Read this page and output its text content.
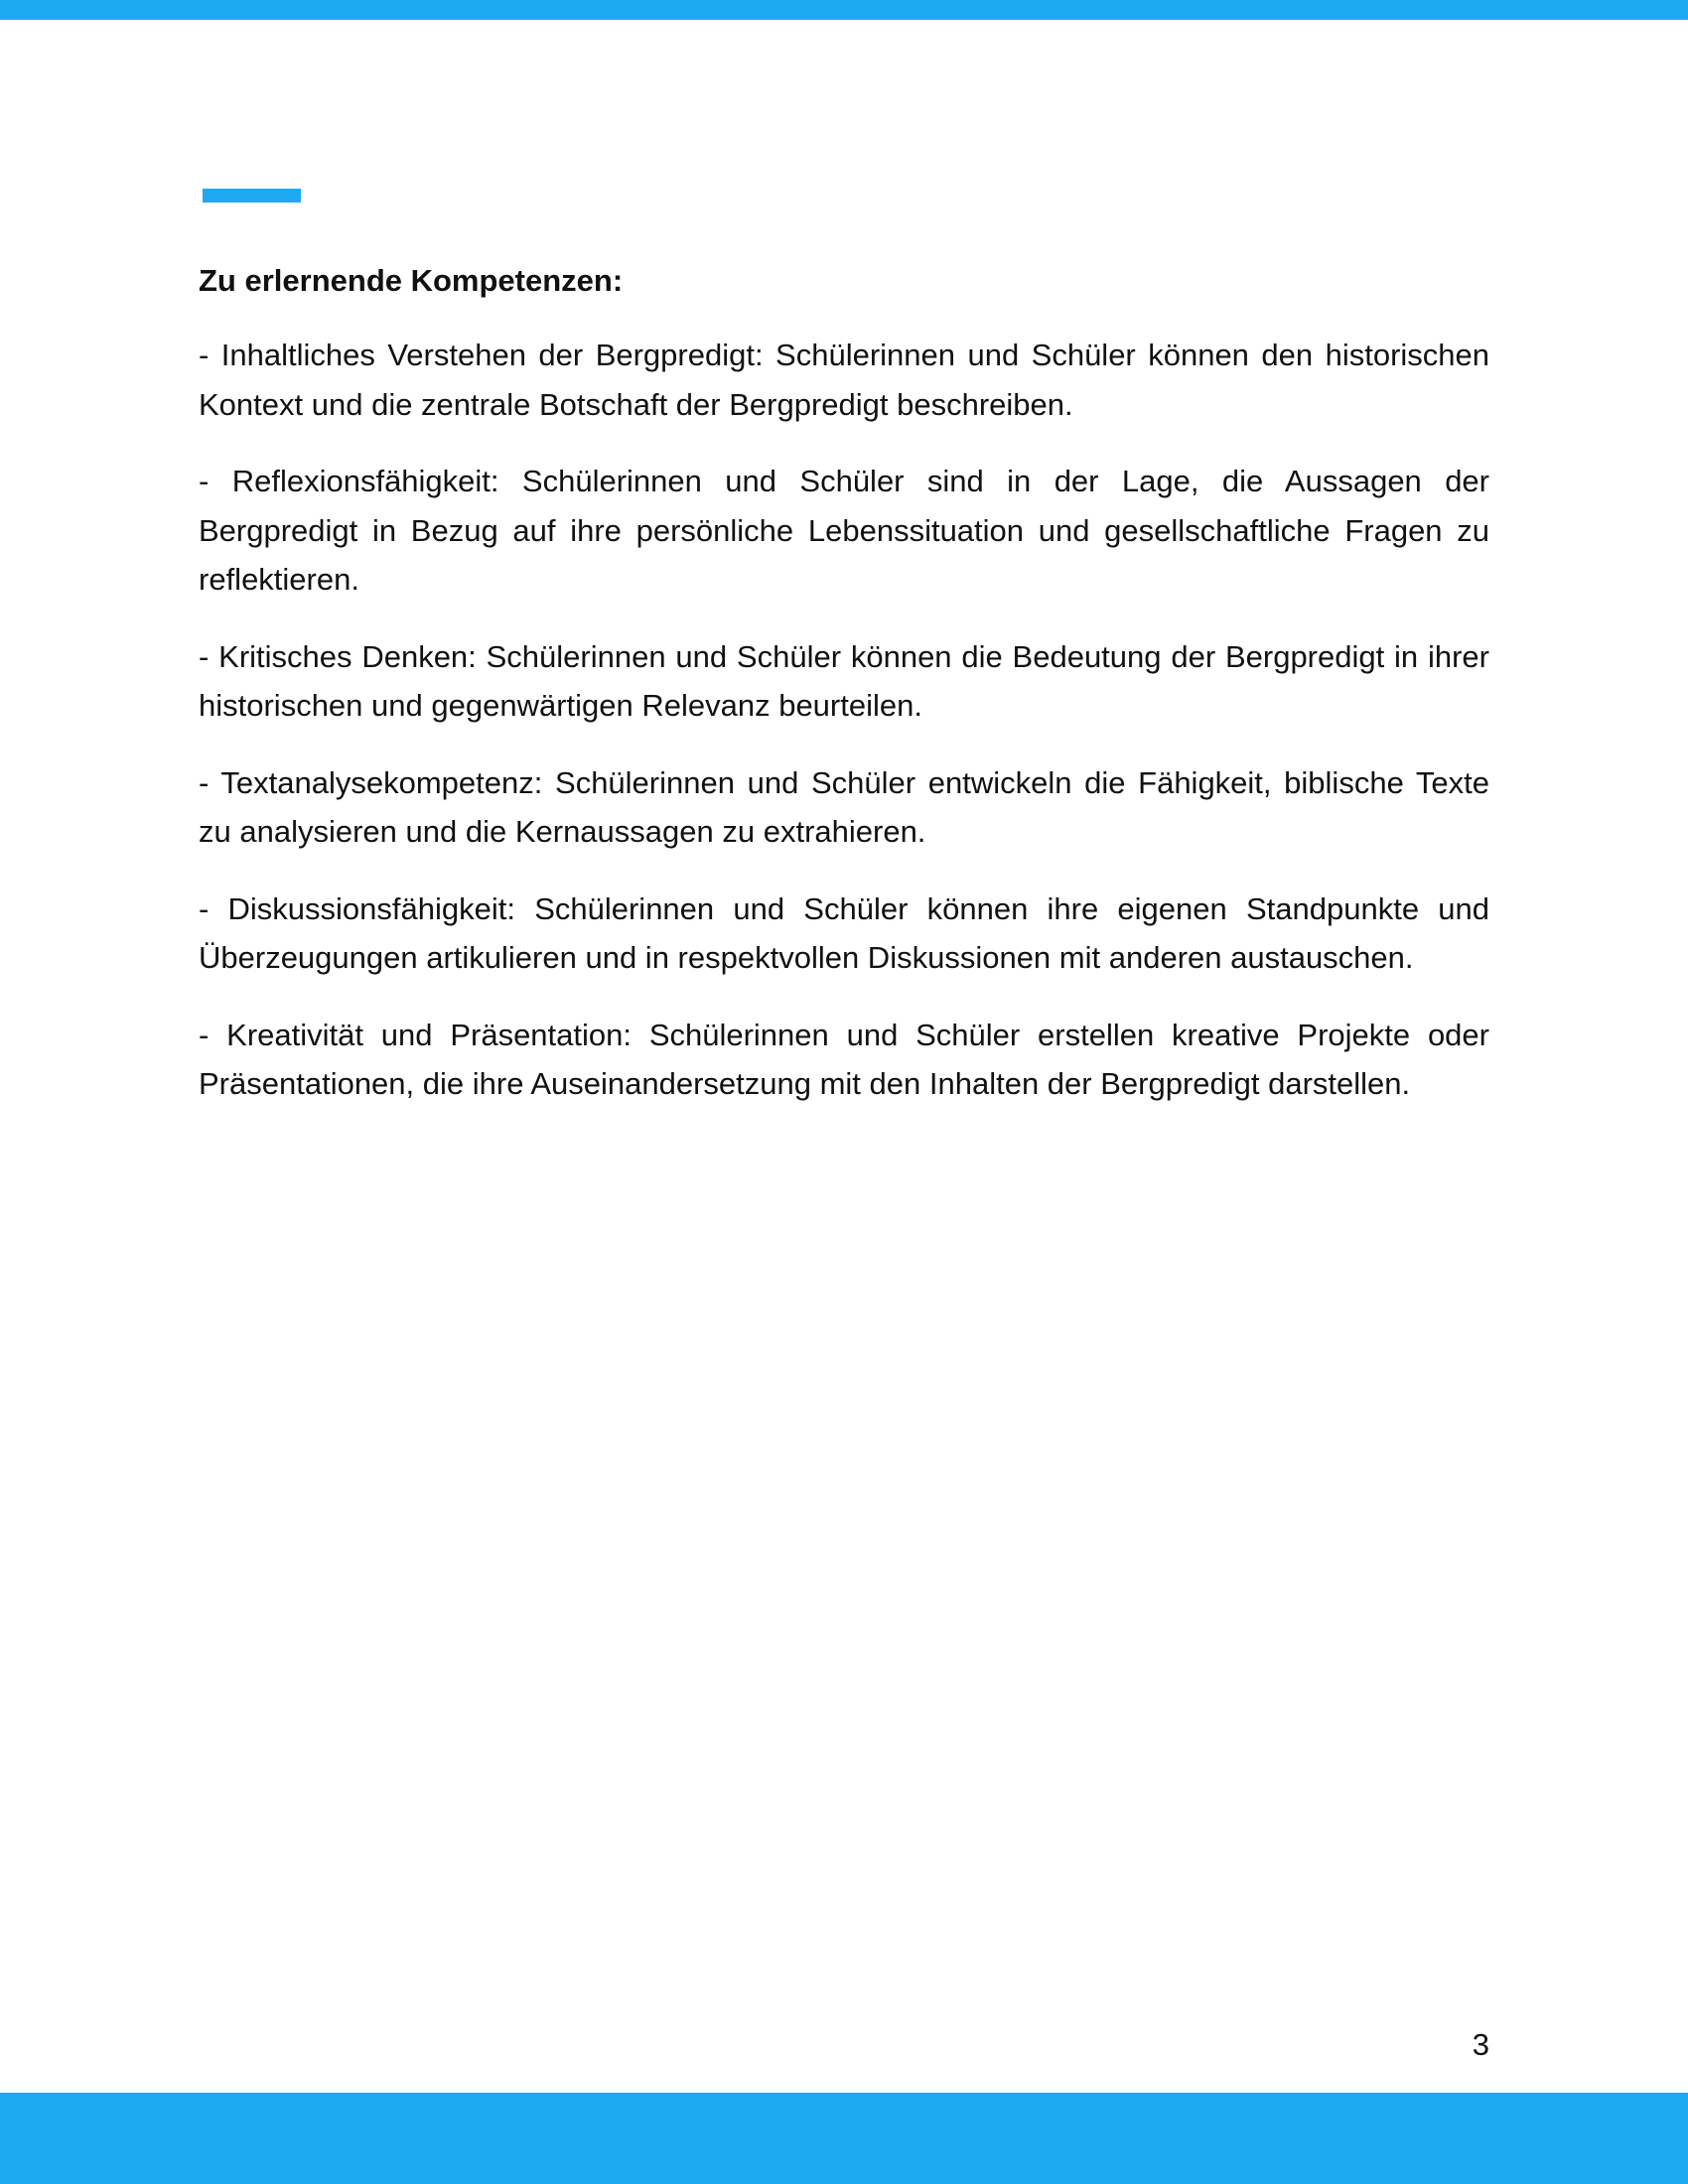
Zu erlernende Kompetenzen:

- Inhaltliches Verstehen der Bergpredigt: Schülerinnen und Schüler können den historischen Kontext und die zentrale Botschaft der Bergpredigt beschreiben.

- Reflexionsfähigkeit: Schülerinnen und Schüler sind in der Lage, die Aussagen der Bergpredigt in Bezug auf ihre persönliche Lebenssituation und gesellschaftliche Fragen zu reflektieren.

- Kritisches Denken: Schülerinnen und Schüler können die Bedeutung der Bergpredigt in ihrer historischen und gegenwärtigen Relevanz beurteilen.

- Textanalysekompetenz: Schülerinnen und Schüler entwickeln die Fähigkeit, biblische Texte zu analysieren und die Kernaussagen zu extrahieren.

- Diskussionsfähigkeit: Schülerinnen und Schüler können ihre eigenen Standpunkte und Überzeugungen artikulieren und in respektvollen Diskussionen mit anderen austauschen.

- Kreativität und Präsentation: Schülerinnen und Schüler erstellen kreative Projekte oder Präsentationen, die ihre Auseinandersetzung mit den Inhalten der Bergpredigt darstellen.

3
